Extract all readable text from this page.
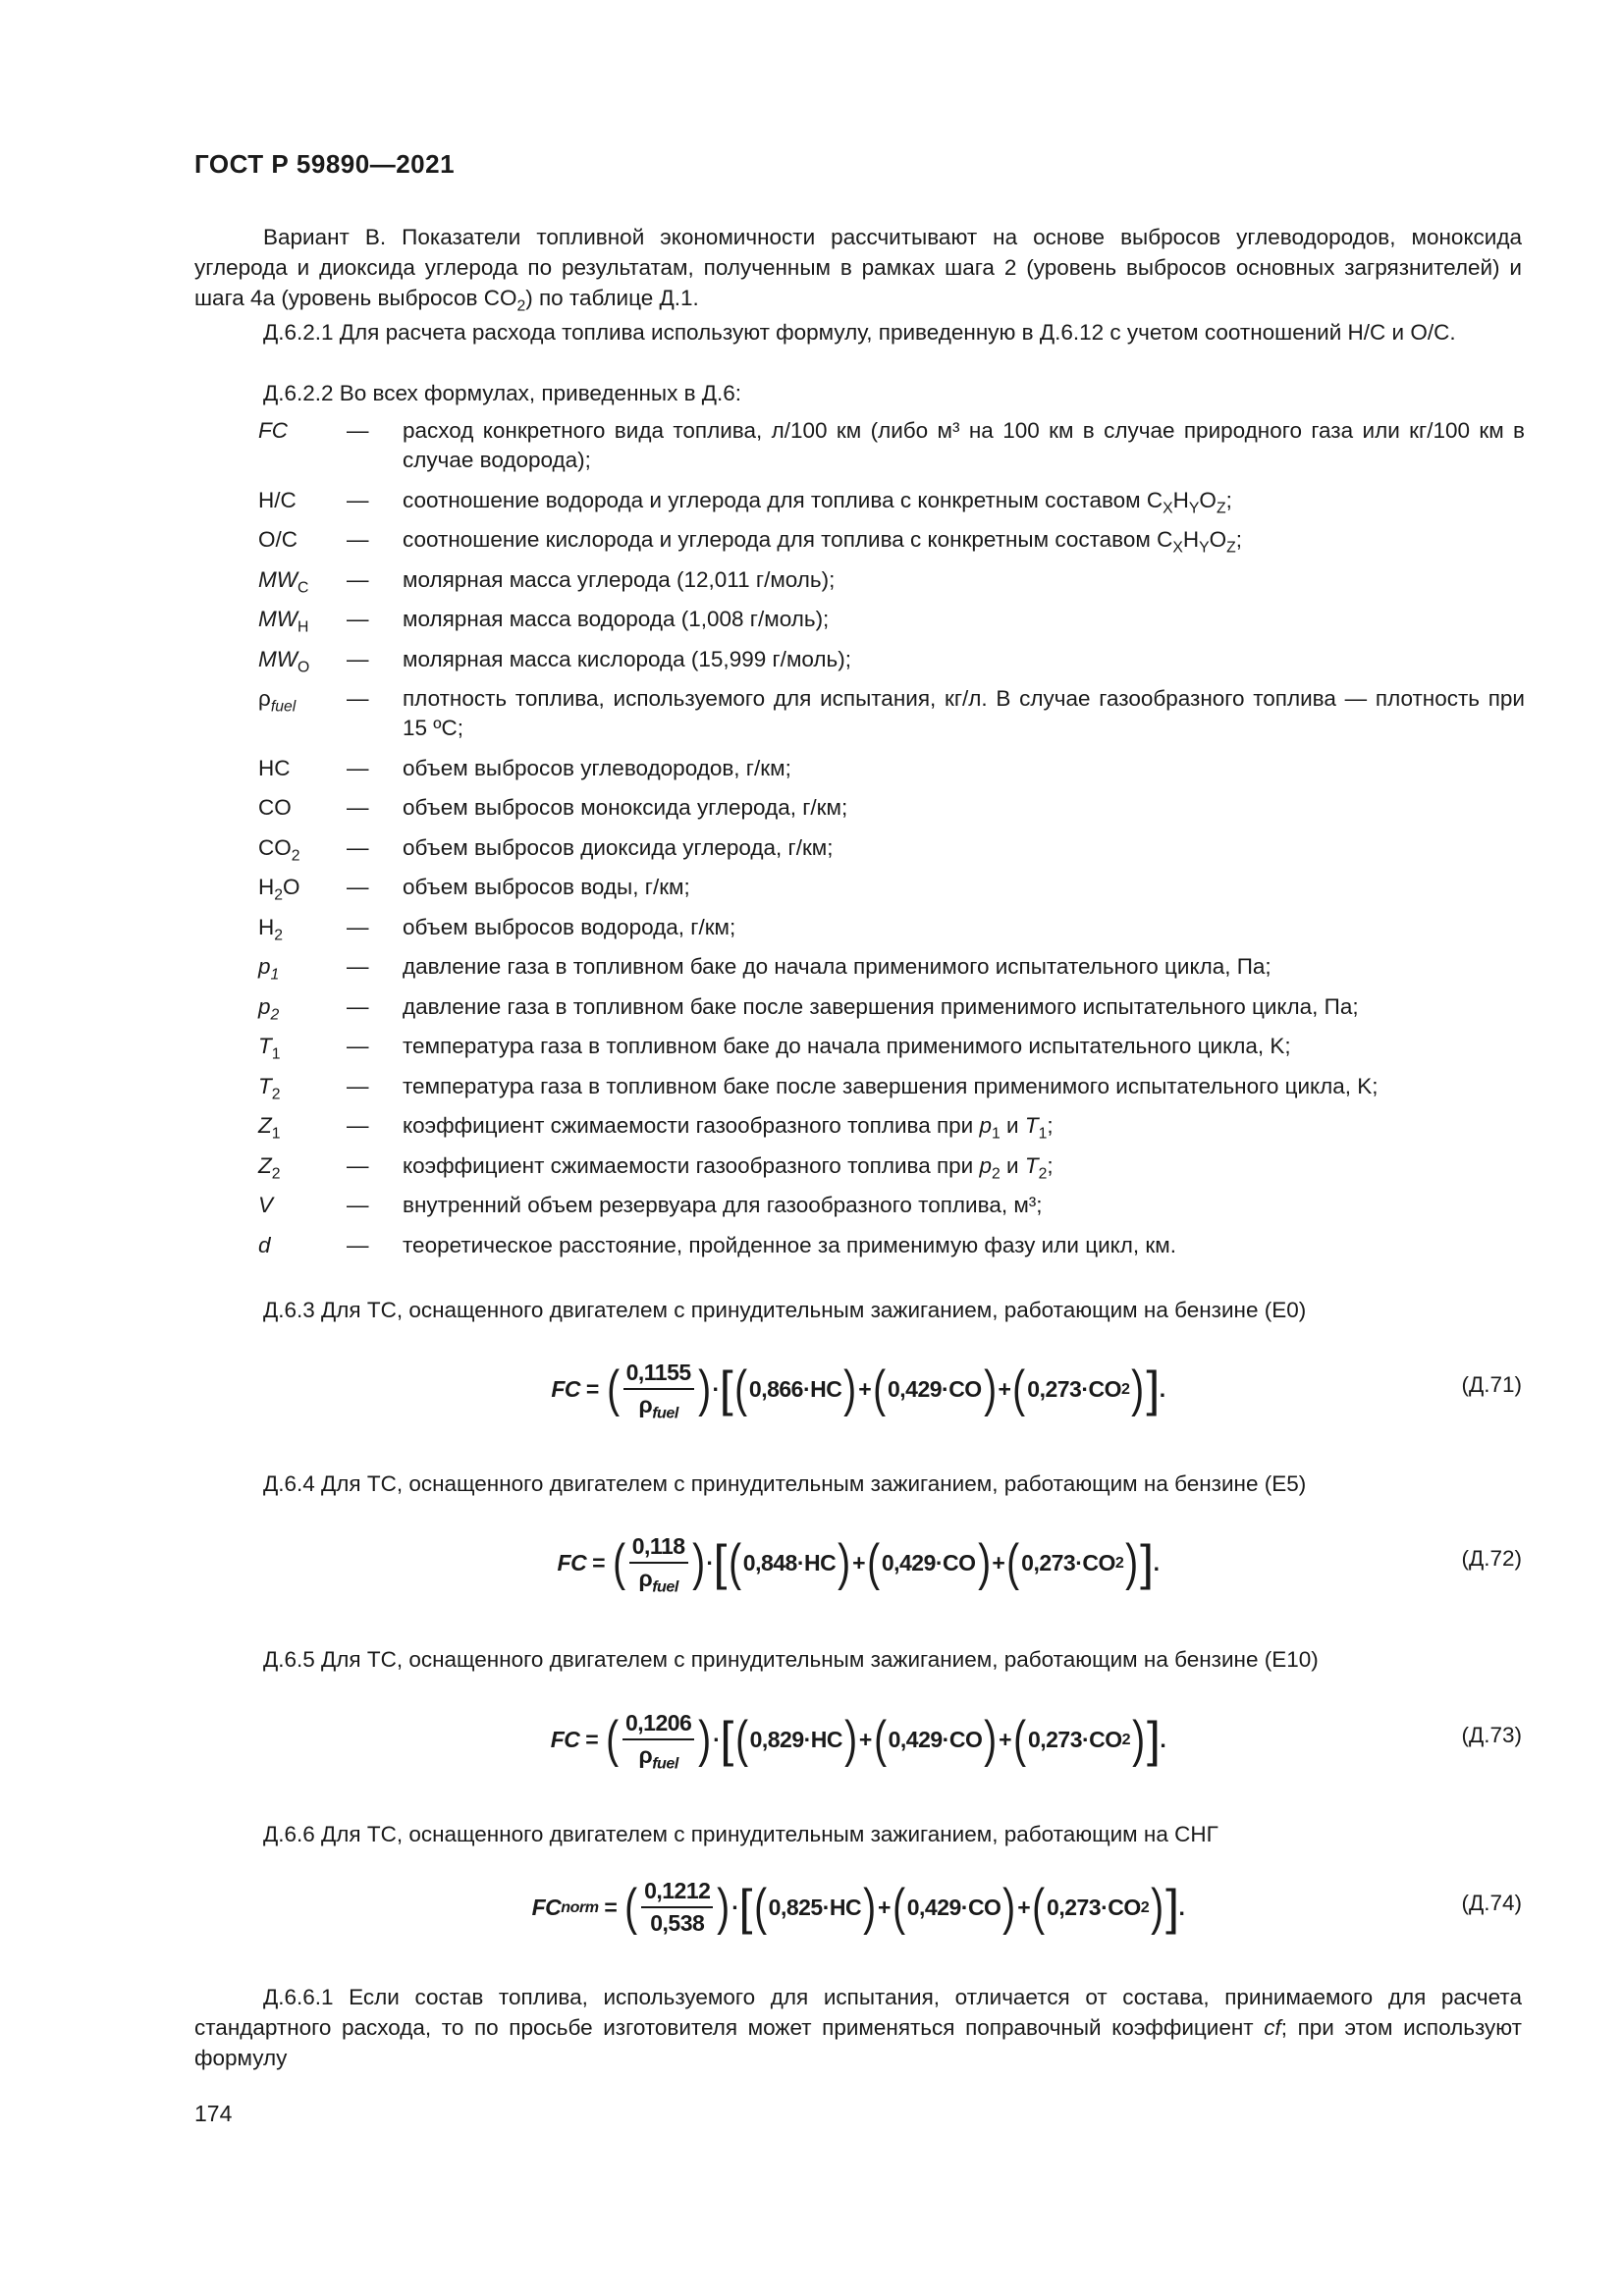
ГОСТ Р 59890—2021
Вариант В. Показатели топливной экономичности рассчитывают на основе выбросов углеводородов, моноксида углерода и диоксида углерода по результатам, полученным в рамках шага 2 (уровень выбросов основных загрязнителей) и шага 4а (уровень выбросов $CO_2$) по таблице Д.1.
Д.6.2.1 Для расчета расхода топлива используют формулу, приведенную в Д.6.12 с учетом соотношений H/C и O/C.
Д.6.2.2 Во всех формулах, приведенных в Д.6:
FC	—	расход конкретного вида топлива, л/100 км (либо м³ на 100 км в случае природного газа или кг/100 км в случае водорода);
H/C	—	соотношение водорода и углерода для топлива с конкретным составом $C_XH_YO_Z$;
O/C	—	соотношение кислорода и углерода для топлива с конкретным составом $C_XH_YO_Z$;
$MW_C$	—	молярная масса углерода (12,011 г/моль);
$MW_H$	—	молярная масса водорода (1,008 г/моль);
$MW_O$	—	молярная масса кислорода (15,999 г/моль);
$\rho_{fuel}$	—	плотность топлива, используемого для испытания, кг/л. В случае газообразного топлива — плотность при 15 ºC;
HC	—	объем выбросов углеводородов, г/км;
CO	—	объем выбросов моноксида углерода, г/км;
$CO_2$	—	объем выбросов диоксида углерода, г/км;
$H_2O$	—	объем выбросов воды, г/км;
$H_2$	—	объем выбросов водорода, г/км;
$p_1$	—	давление газа в топливном баке до начала применимого испытательного цикла, Па;
$p_2$	—	давление газа в топливном баке после завершения применимого испытательного цикла, Па;
$T_1$	—	температура газа в топливном баке до начала применимого испытательного цикла, K;
$T_2$	—	температура газа в топливном баке после завершения применимого испытательного цикла, K;
$Z_1$	—	коэффициент сжимаемости газообразного топлива при $p_1$ и $T_1$;
$Z_2$	—	коэффициент сжимаемости газообразного топлива при $p_2$ и $T_2$;
V	—	внутренний объем резервуара для газообразного топлива, м³;
d	—	теоретическое расстояние, пройденное за применимую фазу или цикл, км.
Д.6.3 Для ТС, оснащенного двигателем с принудительным зажиганием, работающим на бензине (E0)
FC = ( $\frac{0,1155}{\rho_{fuel}}$ ) · [ ( 0,866 ·HC ) + ( 0,429 ·CO ) + ( 0,273 ·CO 2 ) ] .	(Д.71)
Д.6.4 Для ТС, оснащенного двигателем с принудительным зажиганием, работающим на бензине (E5)
FC = ( $\frac{0,118}{\rho_{fuel}}$ ) · [ ( 0,848 ·HC ) + ( 0,429 ·CO ) + ( 0,273 ·CO 2 ) ] .	(Д.72)
Д.6.5 Для ТС, оснащенного двигателем с принудительным зажиганием, работающим на бензине (E10)
FC = ( $\frac{0,1206}{\rho_{fuel}}$ ) · [ ( 0,829 ·HC ) + ( 0,429 ·CO ) + ( 0,273 ·CO 2 ) ] .	(Д.73)
Д.6.6 Для ТС, оснащенного двигателем с принудительным зажиганием, работающим на СНГ
FC norm = ( $\frac{0,1212}{0,538}$ ) · [ ( 0,825 ·HC ) + ( 0,429 ·CO ) + ( 0,273 ·CO 2 ) ] .	(Д.74)
Д.6.6.1 Если состав топлива, используемого для испытания, отличается от состава, принимаемого для расчета стандартного расхода, то по просьбе изготовителя может применяться поправочный коэффициент cf; при этом используют формулу
174
